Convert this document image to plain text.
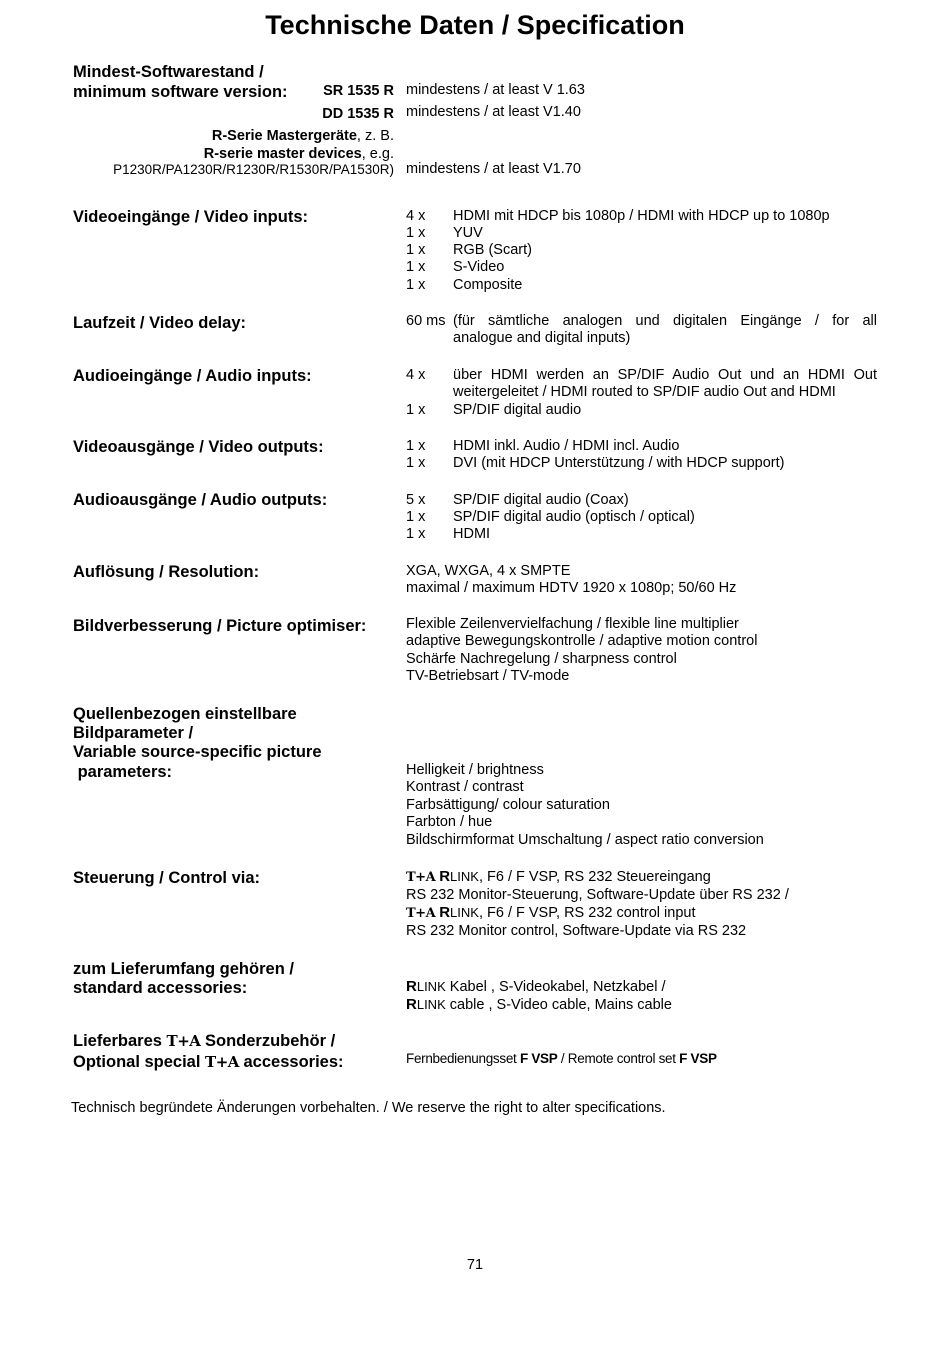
Technische Daten / Specification
Mindest-Softwarestand /
minimum software version: SR 1535 R mindestens / at least V 1.63
DD 1535 R mindestens / at least V1.40
R-Serie Mastergeräte, z. B.
R-serie master devices, e.g.
P1230R/PA1230R/R1230R/R1530R/PA1530R) mindestens / at least V1.70
Videoeingänge / Video inputs:	4 x HDMI mit HDCP bis 1080p / HDMI with HDCP up to 1080p
1 x YUV
1 x RGB (Scart)
1 x S-Video
1 x Composite
Laufzeit / Video delay:	60 ms (für sämtliche analogen und digitalen Eingänge / for all
analogue and digital inputs)
Audioeingänge / Audio inputs:	4 x über HDMI werden an SP/DIF Audio Out und an HDMI Out
weitergeleitet / HDMI routed to SP/DIF audio Out and HDMI
1 x SP/DIF digital audio
Videoausgänge / Video outputs:	1 x HDMI inkl. Audio / HDMI incl. Audio
1 x DVI (mit HDCP Unterstützung / with HDCP support)
Audioausgänge / Audio outputs:	5 x SP/DIF digital audio (Coax)
1 x SP/DIF digital audio (optisch / optical)
1 x HDMI
Auflösung / Resolution:	XGA, WXGA, 4 x SMPTE
maximal / maximum HDTV 1920 x 1080p; 50/60 Hz
Bildverbesserung / Picture optimiser:	Flexible Zeilenvervielfachung / flexible line multiplier
adaptive Bewegungskontrolle / adaptive motion control
Schärfe Nachregelung / sharpness control
TV-Betriebsart / TV-mode
Quellenbezogen einstellbare
Bildparameter /
Variable source-specific picture
parameters:	Helligkeit / brightness
Kontrast / contrast
Farbsättigung/ colour saturation
Farbton / hue
Bildschirmformat Umschaltung / aspect ratio conversion
Steuerung / Control via:	T+A RLINK, F6 / F VSP, RS 232 Steuereingang
RS 232 Monitor-Steuerung, Software-Update über RS 232 /
T+A RLINK, F6 / F VSP, RS 232 control input
RS 232 Monitor control, Software-Update via RS 232
zum Lieferumfang gehören /
standard accessories:	RLINK Kabel , S-Videokabel, Netzkabel /
RLINK cable , S-Video cable, Mains cable
Lieferbares T+A Sonderzubehör /
Optional special T+A accessories:	Fernbedienungsset F VSP / Remote control set F VSP
Technisch begründete Änderungen vorbehalten. / We reserve the right to alter specifications.
71
